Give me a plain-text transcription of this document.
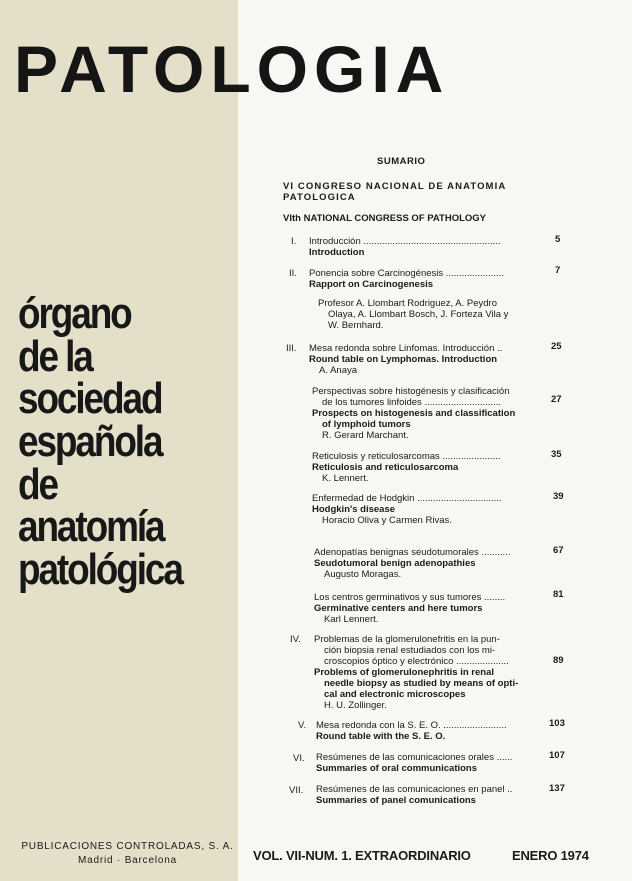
PATOLOGIA
órgano
de la
sociedad
española
de
anatomía
patológica
PUBLICACIONES CONTROLADAS, S. A.
Madrid · Barcelona	VOL. VII-NUM. 1. EXTRAORDINARIO	ENERO 1974
SUMARIO
VI CONGRESO NACIONAL DE ANATOMIA PATOLOGICA
VIth NATIONAL CONGRESS OF PATHOLOGY
I. Introducción ....................................................
Introduction
5
II. Ponencia sobre Carcinogénesis ......................
Rapport on Carcinogenesis
7
Profesor A. Llombart Rodriguez, A. Peydro
Olaya, A. Llombart Bosch, J. Forteza Vila y
W. Bernhard.
III. Mesa redonda sobre Linfomas. Introducción ..
Round table on Lymphomas. Introduction
A. Anaya
25
Perspectivas sobre histogénesis y clasificación
de los tumores linfoides .............................
Prospects on histogenesis and classification
of lymphoid tumors
R. Gerard Marchant.
27
Reticulosis y reticulosarcomas ......................
Reticulosis and reticulosarcoma
K. Lennert.
35
Enfermedad de Hodgkin ................................
Hodgkin's disease
Horacio Oliva y Carmen Rivas.
39
Adenopatías benignas seudotumorales ...........
Seudotumoral benign adenopathies
Augusto Moragas.
67
Los centros germinativos y sus tumores ........
Germinative centers and here tumors
Karl Lennert.
81
IV. Problemas de la glomerulonefritis en la pun-
ción biopsia renal estudiados con los mi-
croscopios óptico y electrónico ....................
Problems of glomerulonephritis in renal
needle biopsy as studied by means of opti-
cal and electronic microscopes
H. U. Zollinger.
89
V. Mesa redonda con la S. E. O. ........................
Round table with the S. E. O.
103
VI. Resúmenes de las comunicaciones orales ......
Summaries of oral communications
107
VII. Resúmenes de las comunicaciones en panel ..
Summaries of panel comunications
137
